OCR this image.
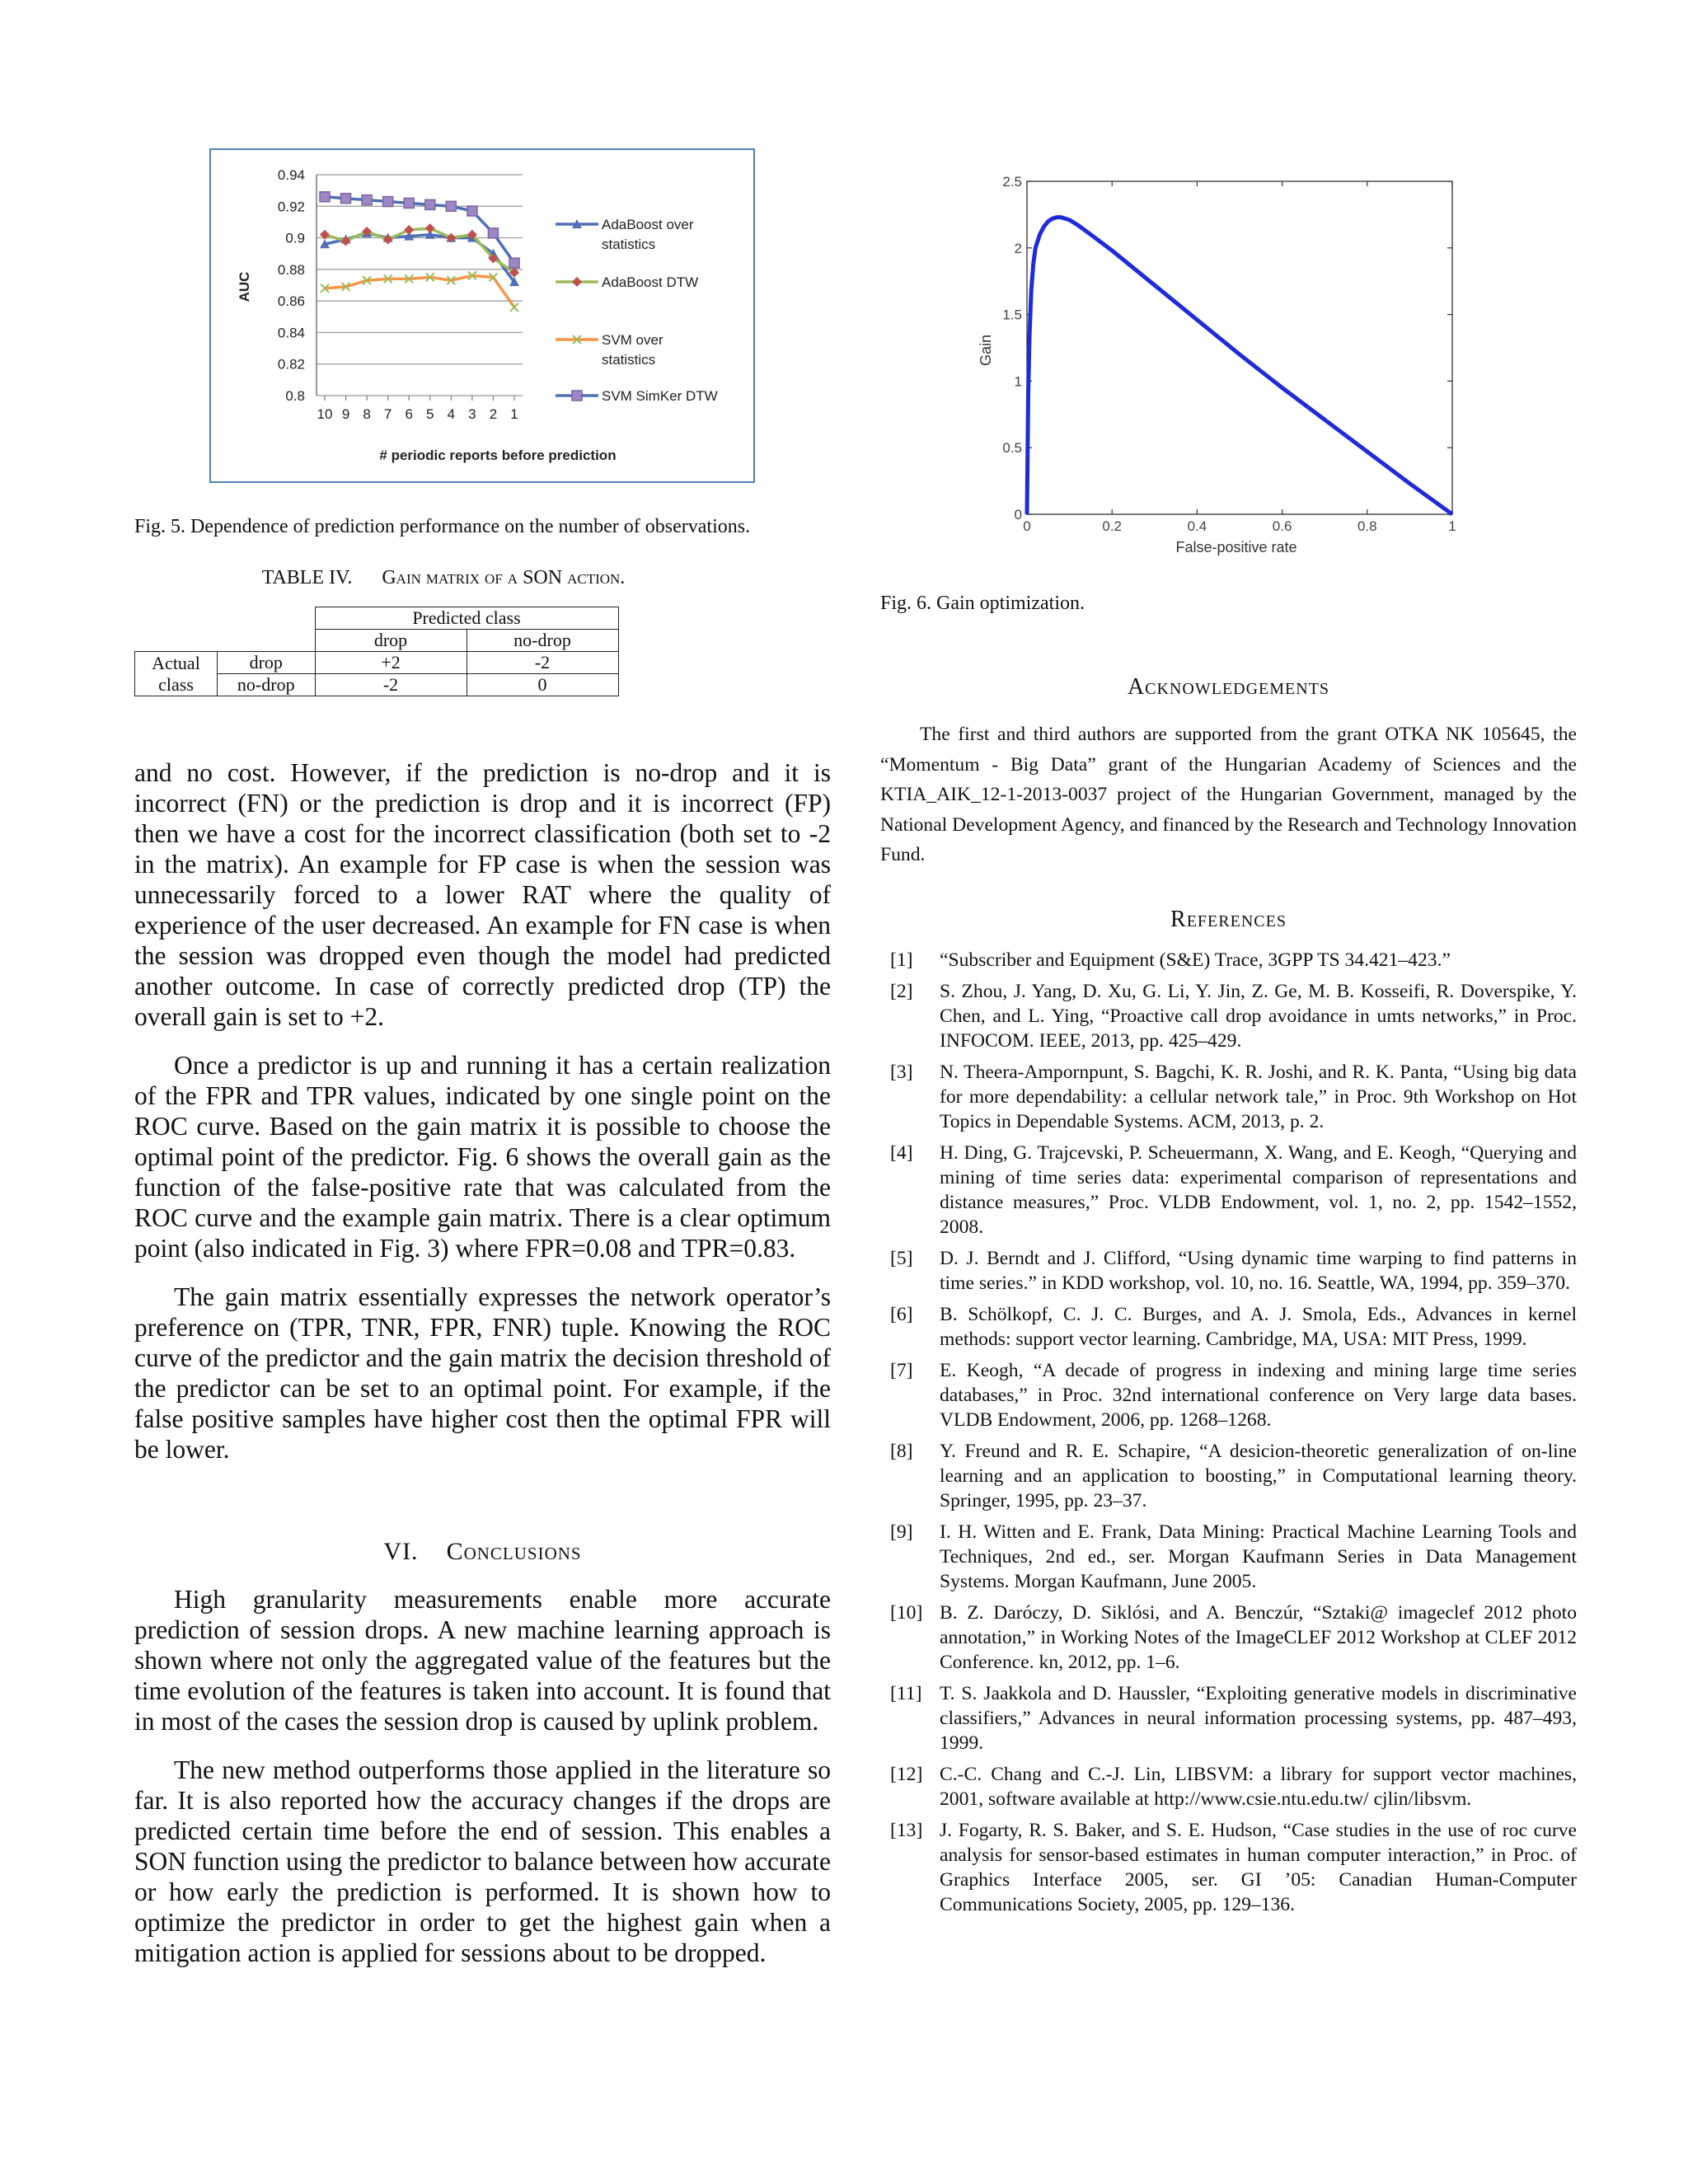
0.94
0.92
0.9
0.88
0.86
0.84
0.82
0.8
10 9 8 7 6 5 4 3 2 1
AdaBoost over
statistics
AdaBoost DTW
SVM over
statistics
SVM SimKer DTW
AUC
# periodic reports before prediction
Fig. 5. Dependence of prediction performance on the number of observations.
TABLE IV. Gain matrix of a SON action.
		Predicted class	
		drop	no-drop
Actual
class	drop	+2	-2
	no-drop	-2	0

and no cost. However, if the prediction is no-drop and it is incorrect (FN) or the prediction is drop and it is incorrect (FP) then we have a cost for the incorrect classification (both set to -2 in the matrix). An example for FP case is when the session was unnecessarily forced to a lower RAT where the quality of experience of the user decreased. An example for FN case is when the session was dropped even though the model had predicted another outcome. In case of correctly predicted drop (TP) the overall gain is set to +2.

Once a predictor is up and running it has a certain realization of the FPR and TPR values, indicated by one single point on the ROC curve. Based on the gain matrix it is possible to choose the optimal point of the predictor. Fig. 6 shows the overall gain as the function of the false-positive rate that was calculated from the ROC curve and the example gain matrix. There is a clear optimum point (also indicated in Fig. 3) where FPR=0.08 and TPR=0.83.

The gain matrix essentially expresses the network operator’s preference on (TPR, TNR, FPR, FNR) tuple. Knowing the ROC curve of the predictor and the gain matrix the decision threshold of the predictor can be set to an optimal point. For example, if the false positive samples have higher cost then the optimal FPR will be lower.

VI. Conclusions

High granularity measurements enable more accurate prediction of session drops. A new machine learning approach is shown where not only the aggregated value of the features but the time evolution of the features is taken into account. It is found that in most of the cases the session drop is caused by uplink problem.

The new method outperforms those applied in the literature so far. It is also reported how the accuracy changes if the drops are predicted certain time before the end of session. This enables a SON function using the predictor to balance between how accurate or how early the prediction is performed. It is shown how to optimize the predictor in order to get the highest gain when a mitigation action is applied for sessions about to be dropped.

0	0.2	0.4	0.6	0.8	1
0
0.5
1
1.5
2
2.5
Gain
False-positive rate
Fig. 6. Gain optimization.
Acknowledgements
The first and third authors are supported from the grant OTKA NK 105645, the “Momentum - Big Data” grant of the Hungarian Academy of Sciences and the KTIA_AIK_12-1-2013-0037 project of the Hungarian Government, managed by the National Development Agency, and financed by the Research and Technology Innovation Fund.
References
[1]	“Subscriber and Equipment (S&E) Trace, 3GPP TS 34.421–423.”
[2]	S. Zhou, J. Yang, D. Xu, G. Li, Y. Jin, Z. Ge, M. B. Kosseifi, R. Doverspike, Y. Chen, and L. Ying, “Proactive call drop avoidance in umts networks,” in Proc. INFOCOM. IEEE, 2013, pp. 425–429.
[3]	N. Theera-Ampornpunt, S. Bagchi, K. R. Joshi, and R. K. Panta, “Using big data for more dependability: a cellular network tale,” in Proc. 9th Workshop on Hot Topics in Dependable Systems. ACM, 2013, p. 2.
[4]	H. Ding, G. Trajcevski, P. Scheuermann, X. Wang, and E. Keogh, “Querying and mining of time series data: experimental comparison of representations and distance measures,” Proc. VLDB Endowment, vol. 1, no. 2, pp. 1542–1552, 2008.
[5]	D. J. Berndt and J. Clifford, “Using dynamic time warping to find patterns in time series.” in KDD workshop, vol. 10, no. 16. Seattle, WA, 1994, pp. 359–370.
[6]	B. Schölkopf, C. J. C. Burges, and A. J. Smola, Eds., Advances in kernel methods: support vector learning. Cambridge, MA, USA: MIT Press, 1999.
[7]	E. Keogh, “A decade of progress in indexing and mining large time series databases,” in Proc. 32nd international conference on Very large data bases. VLDB Endowment, 2006, pp. 1268–1268.
[8]	Y. Freund and R. E. Schapire, “A desicion-theoretic generalization of on-line learning and an application to boosting,” in Computational learning theory. Springer, 1995, pp. 23–37.
[9]	I. H. Witten and E. Frank, Data Mining: Practical Machine Learning Tools and Techniques, 2nd ed., ser. Morgan Kaufmann Series in Data Management Systems. Morgan Kaufmann, June 2005.
[10] B. Z. Daróczy, D. Siklósi, and A. Benczúr, “Sztaki@ imageclef 2012 photo annotation,” in Working Notes of the ImageCLEF 2012 Workshop at CLEF 2012 Conference. kn, 2012, pp. 1–6.
[11] T. S. Jaakkola and D. Haussler, “Exploiting generative models in discriminative classifiers,” Advances in neural information processing systems, pp. 487–493, 1999.
[12] C.-C. Chang and C.-J. Lin, LIBSVM: a library for support vector machines, 2001, software available at http://www.csie.ntu.edu.tw/ cjlin/libsvm.
[13] J. Fogarty, R. S. Baker, and S. E. Hudson, “Case studies in the use of roc curve analysis for sensor-based estimates in human computer interaction,” in Proc. of Graphics Interface 2005, ser. GI ’05: Canadian Human-Computer Communications Society, 2005, pp. 129–136.
